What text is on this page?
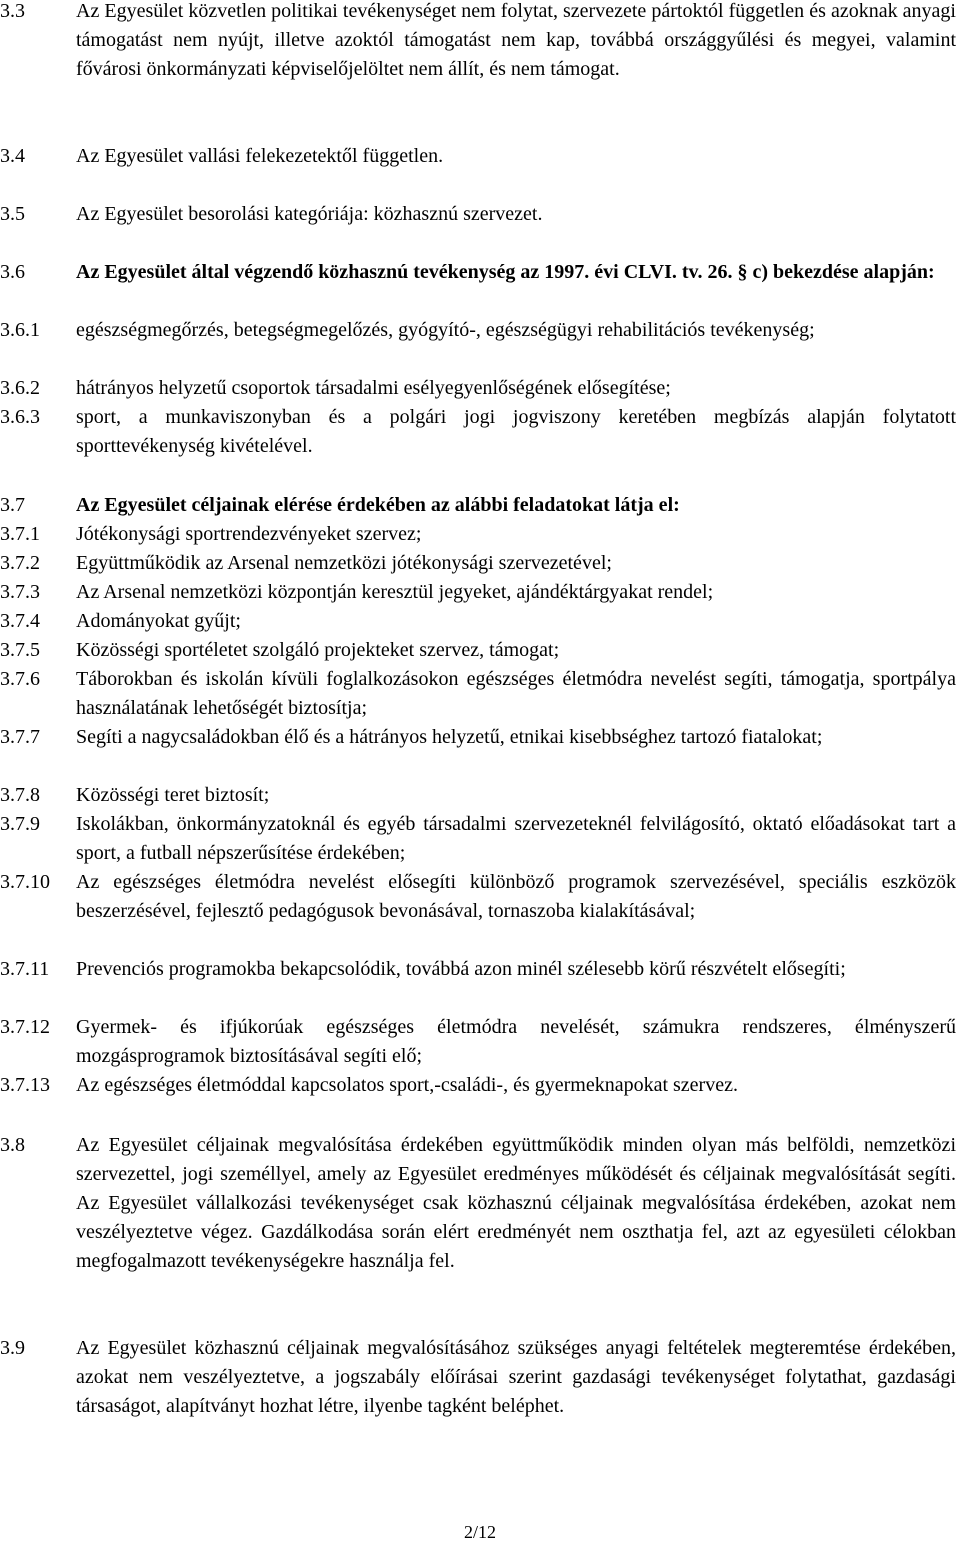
3.3	Az Egyesület közvetlen politikai tevékenységet nem folytat, szervezete pártoktól független és azoknak anyagi támogatást nem nyújt, illetve azoktól támogatást nem kap, továbbá országgyűlési és megyei, valamint fővárosi önkormányzati képviselőjelöltet nem állít, és nem támogat.
3.4	Az Egyesület vallási felekezetektől független.
3.5	Az Egyesület besorolási kategóriája: közhasznú szervezet.
3.6	Az Egyesület által végzendő közhasznú tevékenység az 1997. évi CLVI. tv. 26. § c) bekezdése alapján:
3.6.1	egészségmegőrzés, betegségmegelőzés, gyógyító-, egészségügyi rehabilitációs tevékenység;
3.6.2	hátrányos helyzetű csoportok társadalmi esélyegyenlőségének elősegítése;
3.6.3	sport, a munkaviszonyban és a polgári jogi jogviszony keretében megbízás alapján folytatott sporttevékenység kivételével.
3.7	Az Egyesület céljainak elérése érdekében az alábbi feladatokat látja el:
3.7.1	Jótékonysági sportrendezvényeket szervez;
3.7.2	Együttműködik az Arsenal nemzetközi jótékonysági szervezetével;
3.7.3	Az Arsenal nemzetközi központján keresztül jegyeket, ajándéktárgyakat rendel;
3.7.4	Adományokat gyűjt;
3.7.5	Közösségi sportéletet szolgáló projekteket szervez, támogat;
3.7.6	Táborokban és iskolán kívüli foglalkozásokon egészséges életmódra nevelést segíti, támogatja, sportpálya használatának lehetőségét biztosítja;
3.7.7	Segíti a nagycsaládokban élő és a hátrányos helyzetű, etnikai kisebbséghez tartozó fiatalokat;
3.7.8	Közösségi teret biztosít;
3.7.9	Iskolákban, önkormányzatoknál és egyéb társadalmi szervezeteknél felvilágosító, oktató előadásokat tart a sport, a futball népszerűsítése érdekében;
3.7.10	Az egészséges életmódra nevelést elősegíti különböző programok szervezésével, speciális eszközök beszerzésével, fejlesztő pedagógusok bevonásával, tornaszoba kialakításával;
3.7.11	Prevenciós programokba bekapcsolódik, továbbá azon minél szélesebb körű részvételt elősegíti;
3.7.12	Gyermek- és ifjúkorúak egészséges életmódra nevelését, számukra rendszeres, élményszerű mozgásprogramok biztosításával segíti elő;
3.7.13	Az egészséges életmóddal kapcsolatos sport,-családi-, és gyermeknapokat szervez.
3.8	Az Egyesület céljainak megvalósítása érdekében együttműködik minden olyan más belföldi, nemzetközi szervezettel, jogi személlyel, amely az Egyesület eredményes működését és céljainak megvalósítását segíti. Az Egyesület vállalkozási tevékenységet csak közhasznú céljainak megvalósítása érdekében, azokat nem veszélyeztetve végez. Gazdálkodása során elért eredményét nem oszthatja fel, azt az egyesületi célokban megfogalmazott tevékenységekre használja fel.
3.9	Az Egyesület közhasznú céljainak megvalósításához szükséges anyagi feltételek megteremtése érdekében, azokat nem veszélyeztetve, a jogszabály előírásai szerint gazdasági tevékenységet folytathat, gazdasági társaságot, alapítványt hozhat létre, ilyenbe tagként beléphet.
2/12
